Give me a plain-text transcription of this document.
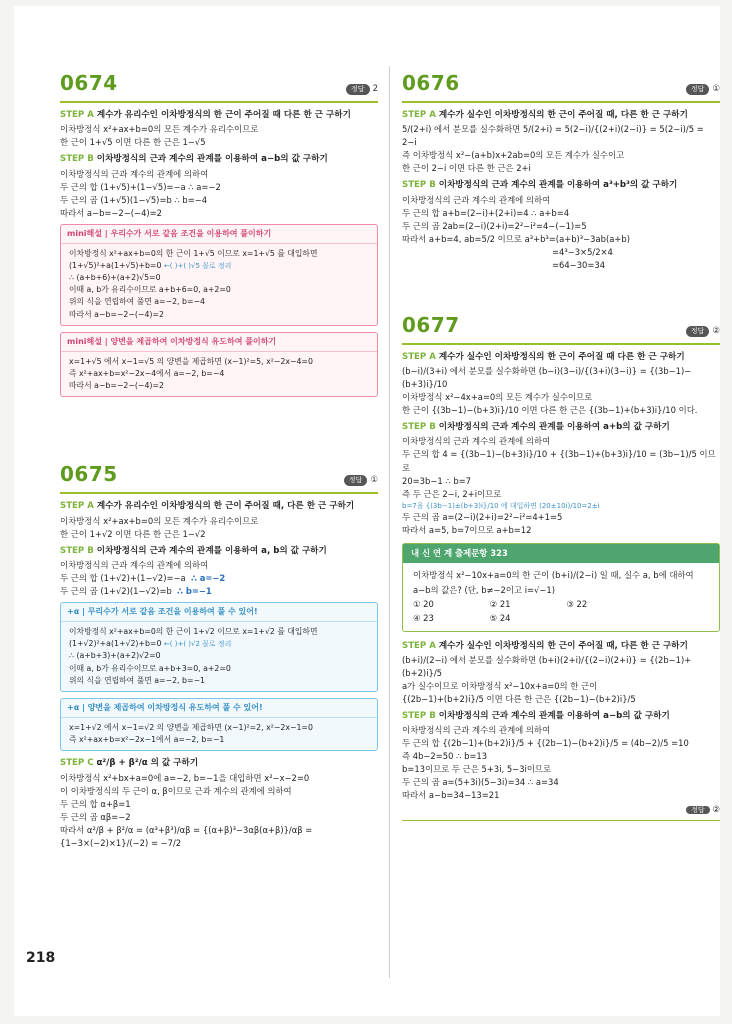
0674	정답 2
STEP A 계수가 유리수인 이차방정식의 한 근이 주어질 때 다른 한 근 구하기
이차방정식 x²+ax+b=0의 모든 계수가 유리수이므로
한 근이 1+√5 이면 다른 한 근은 1−√5
STEP B 이차방정식의 근과 계수의 관계를 이용하여 a−b의 값 구하기
이차방정식의 근과 계수의 관계에 의하여
두 근의 합 (1+√5)+(1−√5)=−a ∴ a=−2
두 근의 곱 (1+√5)(1−√5)=b ∴ b=−4
따라서 a−b=−2−(−4)=2
mini해설 | 우리수가 서로 같음 조건을 이용하여 풀이하기
이차방정식 x²+ax+b=0의 한 근이 1+√5 이므로 x=1+√5 를 대입하면
(1+√5)²+a(1+√5)+b=0 ←( )+( )√5 꼴로 정리
∴ (a+b+6)+(a+2)√5=0
이때 a, b가 유리수이므로 a+b+6=0, a+2=0
위의 식을 연립하여 풀면 a=−2, b=−4
따라서 a−b=−2−(−4)=2
mini해설 | 양변을 제곱하여 이차방정식 유도하여 풀이하기
x=1+√5 에서 x−1=√5 의 양변을 제곱하면 (x−1)²=5, x²−2x−4=0
즉 x²+ax+b=x²−2x−4에서 a=−2, b=−4
따라서 a−b=−2−(−4)=2
0675	정답 ①
STEP A 계수가 유리수인 이차방정식의 한 근이 주어질 때, 다른 한 근 구하기
이차방정식 x²+ax+b=0의 모든 계수가 유리수이므로
한 근이 1+√2 이면 다른 한 근은 1−√2
STEP B 이차방정식의 근과 계수의 관계를 이용하여 a, b의 값 구하기
이차방정식의 근과 계수의 관계에 의하여
두 근의 합 (1+√2)+(1−√2)=−a ∴ a=−2
두 근의 곱 (1+√2)(1−√2)=b ∴ b=−1
+α | 무리수가 서로 같음 조건을 이용하여 풀 수 있어!
이차방정식 x²+ax+b=0의 한 근이 1+√2 이므로 x=1+√2 를 대입하면
(1+√2)²+a(1+√2)+b=0 ←( )+( )√2 꼴로 정리
∴ (a+b+3)+(a+2)√2=0
이때 a, b가 유리수이므로 a+b+3=0, a+2=0
위의 식을 연립하여 풀면 a=−2, b=−1
+α | 양변을 제곱하여 이차방정식 유도하여 풀 수 있어!
x=1+√2 에서 x−1=√2 의 양변을 제곱하면 (x−1)²=2, x²−2x−1=0
즉 x²+ax+b=x²−2x−1에서 a=−2, b=−1
STEP C α²/β + β²/α 의 값 구하기
이차방정식 x²+bx+a=0에 a=−2, b=−1을 대입하면 x²−x−2=0
이 이차방정식의 두 근이 α, β이므로 근과 계수의 관계에 의하여
두 근의 합 α+β=1
두 근의 곱 αβ=−2
따라서 α²/β + β²/α = (α³+β³)/αβ = {(α+β)³−3αβ(α+β)}/αβ = {1−3×(−2)×1}/(−2) = −7/2
0676	정답 ①
STEP A 계수가 실수인 이차방정식의 한 근이 주어질 때, 다른 한 근 구하기
5/(2+i) 에서 분모를 실수화하면 5/(2+i) = 5(2−i)/{(2+i)(2−i)} = 5(2−i)/5 = 2−i
즉 이차방정식 x²−(a+b)x+2ab=0의 모든 계수가 실수이고
한 근이 2−i 이면 다른 한 근은 2+i
STEP B 이차방정식의 근과 계수의 관계를 이용하여 a³+b³의 값 구하기
이차방정식의 근과 계수의 관계에 의하여
두 근의 합 a+b=(2−i)+(2+i)=4 ∴ a+b=4
두 근의 곱 2ab=(2−i)(2+i)=2²−i²=4−(−1)=5
따라서 a+b=4, ab=5/2 이므로 a³+b³=(a+b)³−3ab(a+b)
=4³−3×5/2×4
=64−30=34
0677	정답 ②
STEP A 계수가 실수인 이차방정식의 한 근이 주어질 때 다른 한 근 구하기
(b−i)/(3+i) 에서 분모를 실수화하면 (b−i)(3−i)/{(3+i)(3−i)} = {(3b−1)−(b+3)i}/10
이차방정식 x²−4x+a=0의 모든 계수가 실수이므로
한 근이 {(3b−1)−(b+3)i}/10 이면 다른 한 근은 {(3b−1)+(b+3)i}/10 이다.
STEP B 이차방정식의 근과 계수의 관계를 이용하여 a+b의 값 구하기
이차방정식의 근과 계수의 관계에 의하여
두 근의 합 4 = {(3b−1)−(b+3)i}/10 + {(3b−1)+(b+3)i}/10 = (3b−1)/5 이므로
20=3b−1 ∴ b=7
즉 두 근은 2−i, 2+i이므로
b=7을 {(3b−1)±(b+3)i}/10 에 대입하면 (20±10i)/10=2±i
두 근의 곱 a=(2−i)(2+i)=2²−i²=4+1=5
따라서 a=5, b=7이므로 a+b=12
내 신 연 계 출제문항 323
이차방정식 x²−10x+a=0의 한 근이 (b+i)/(2−i) 일 때, 실수 a, b에 대하여
a−b의 값은? (단, b≠−2이고 i=√−1)
① 20	② 21	③ 22
④ 23	⑤ 24
STEP A 계수가 실수인 이차방정식의 한 근이 주어질 때, 다른 한 근 구하기
(b+i)/(2−i) 에서 분모를 실수화하면 (b+i)(2+i)/{(2−i)(2+i)} = {(2b−1)+(b+2)i}/5
a가 실수이므로 이차방정식 x²−10x+a=0의 한 근이
{(2b−1)+(b+2)i}/5 이면 다른 한 근은 {(2b−1)−(b+2)i}/5
STEP B 이차방정식의 근과 계수의 관계를 이용하여 a−b의 값 구하기
이차방정식의 근과 계수의 관계에 의하여
두 근의 합 {(2b−1)+(b+2)i}/5 + {(2b−1)−(b+2)i}/5 = (4b−2)/5 =10
즉 4b−2=50 ∴ b=13
b=13이므로 두 근은 5+3i, 5−3i이므로
두 근의 곱 a=(5+3i)(5−3i)=34 ∴ a=34
따라서 a−b=34−13=21
정답 ②
218
